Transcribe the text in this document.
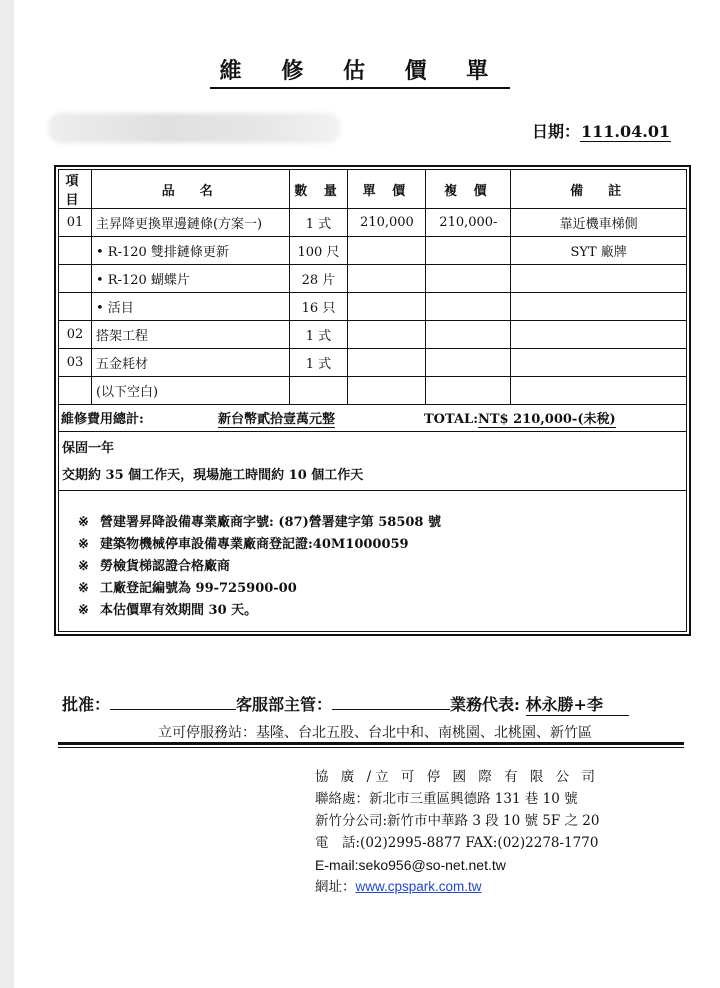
維 修 估 價 單
日期：111.04.01
項目	品　名	數 量	單 價	複 價	備　註
01	主昇降更換單邊鏈條(方案一)	1 式	210,000	210,000-	靠近機車梯側
	• R-120 雙排鏈條更新	100 尺			SYT 廠牌
	• R-120 蝴蝶片	28 片			
	• 活目	16 只			
02	搭架工程	1 式			
03	五金耗材	1 式			
	(以下空白)				
維修費用總計:	新台幣貳拾壹萬元整	TOTAL:NT$ 210,000-(未稅)
保固一年
交期約 35 個工作天，現場施工時間約 10 個工作天
※ 營建署昇降設備專業廠商字號: (87)營署建字第 58508 號
※ 建築物機械停車設備專業廠商登記證:40M1000059
※ 勞檢貨梯認證合格廠商
※ 工廠登記編號為 99-725900-00
※ 本估價單有效期間 30 天。
批准：	客服部主管：	業務代表: 林永勝+李
立可停服務站：基隆、台北五股、台北中和、南桃園、北桃園、新竹區
協 廣 /立 可 停 國 際 有 限 公 司
聯絡處：新北市三重區興德路 131 巷 10 號
新竹分公司:新竹市中華路 3 段 10 號 5F 之 20
電　話:(02)2995-8877 FAX:(02)2278-1770
E-mail:seko956@so-net.net.tw
網址：www.cpspark.com.tw
